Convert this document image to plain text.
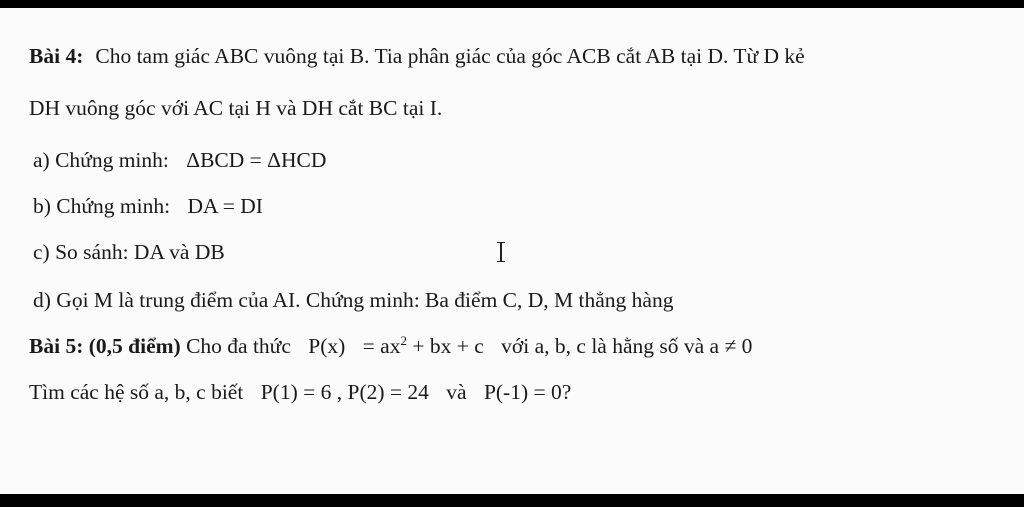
Bài 4: Cho tam giác ABC vuông tại B. Tia phân giác của góc ACB cắt AB tại D. Từ D kẻ
DH vuông góc với AC tại H và DH cắt BC tại I.
a) Chứng minh: ΔBCD = ΔHCD
b) Chứng minh: DA = DI
c) So sánh: DA và DB
d) Gọi M là trung điểm của AI. Chứng minh: Ba điểm C, D, M thẳng hàng
Bài 5: (0,5 điểm) Cho đa thức $P(x) = ax^2$ + bx + c với a, b, c là hằng số và a ≠ 0
Tìm các hệ số a, b, c biết P(1) = 6 , P(2) = 24 và P(-1) = 0?
